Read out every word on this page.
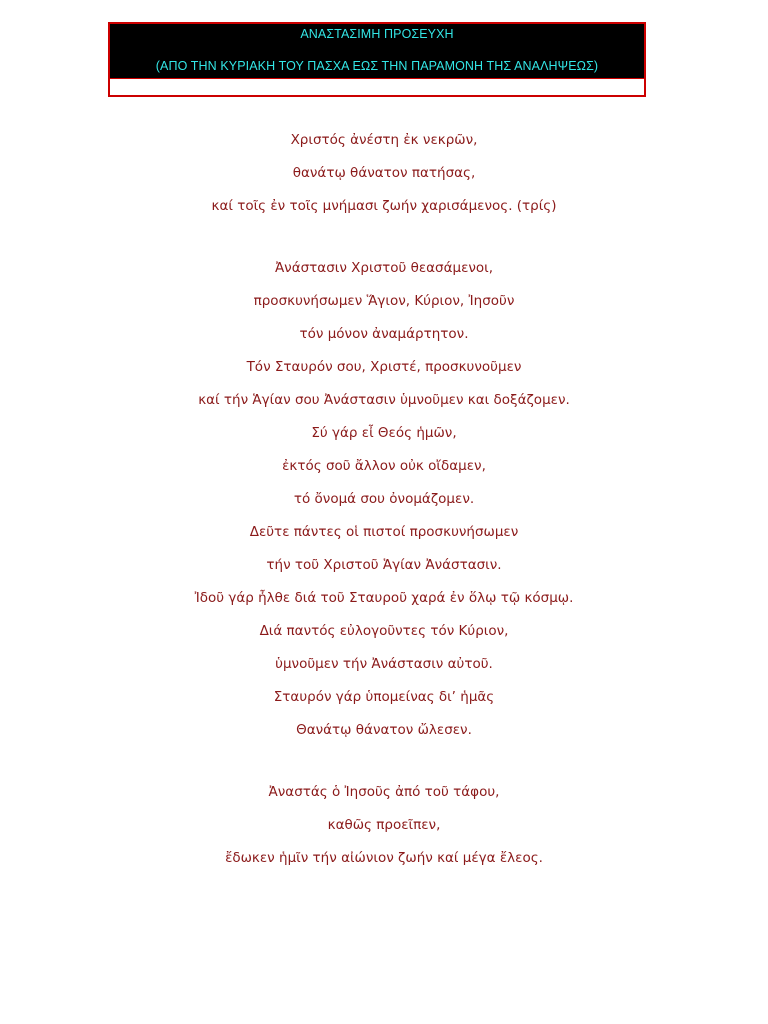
ΑΝΑΣΤΑΣΙΜΗ ΠΡΟΣΕΥΧΗ
(ΑΠΟ ΤΗΝ ΚΥΡΙΑΚΗ ΤΟΥ ΠΑΣΧΑ ΕΩΣ ΤΗΝ ΠΑΡΑΜΟΝΗ ΤΗΣ ΑΝΑΛΗΨΕΩΣ)
Χριστός ἀνέστη ἐκ νεκρῶν,
θανάτῳ θάνατον πατήσας,
καί τοῖς ἐν τοῖς μνήμασι ζωήν χαρισάμενος. (τρίς)
Ἀνάστασιν Χριστοῦ θεασάμενοι,
προσκυνήσωμεν Ἅγιον, Κύριον, Ἰησοῦν
τόν μόνον ἀναμάρτητον.
Τόν Σταυρόν σου, Χριστέ, προσκυνοῦμεν
καί τήν Ἁγίαν σου Ἀνάστασιν ὑμνοῦμεν και δοξάζομεν.
Σύ γάρ εἶ Θεός ἡμῶν,
ἐκτός σοῦ ἄλλον οὐκ οἴδαμεν,
τό ὄνομά σου ὀνομάζομεν.
Δεῦτε πάντες οἱ πιστοί προσκυνήσωμεν
τήν τοῦ Χριστοῦ Ἁγίαν Ἀνάστασιν.
Ἰδοῦ γάρ ἦλθε διά τοῦ Σταυροῦ χαρά ἐν ὅλῳ τῷ κόσμῳ.
Διά παντός εὐλογοῦντες τόν Κύριον,
ὑμνοῦμεν τήν Ἀνάστασιν αὐτοῦ.
Σταυρόν γάρ ὑπομείνας δι’ ἡμᾶς
Θανάτῳ θάνατον ὤλεσεν.
Ἀναστάς ὁ Ἰησοῦς ἀπό τοῦ τάφου,
καθῶς προεῖπεν,
ἔδωκεν ἡμῖν τήν αἰώνιον ζωήν καί μέγα ἔλεος.
